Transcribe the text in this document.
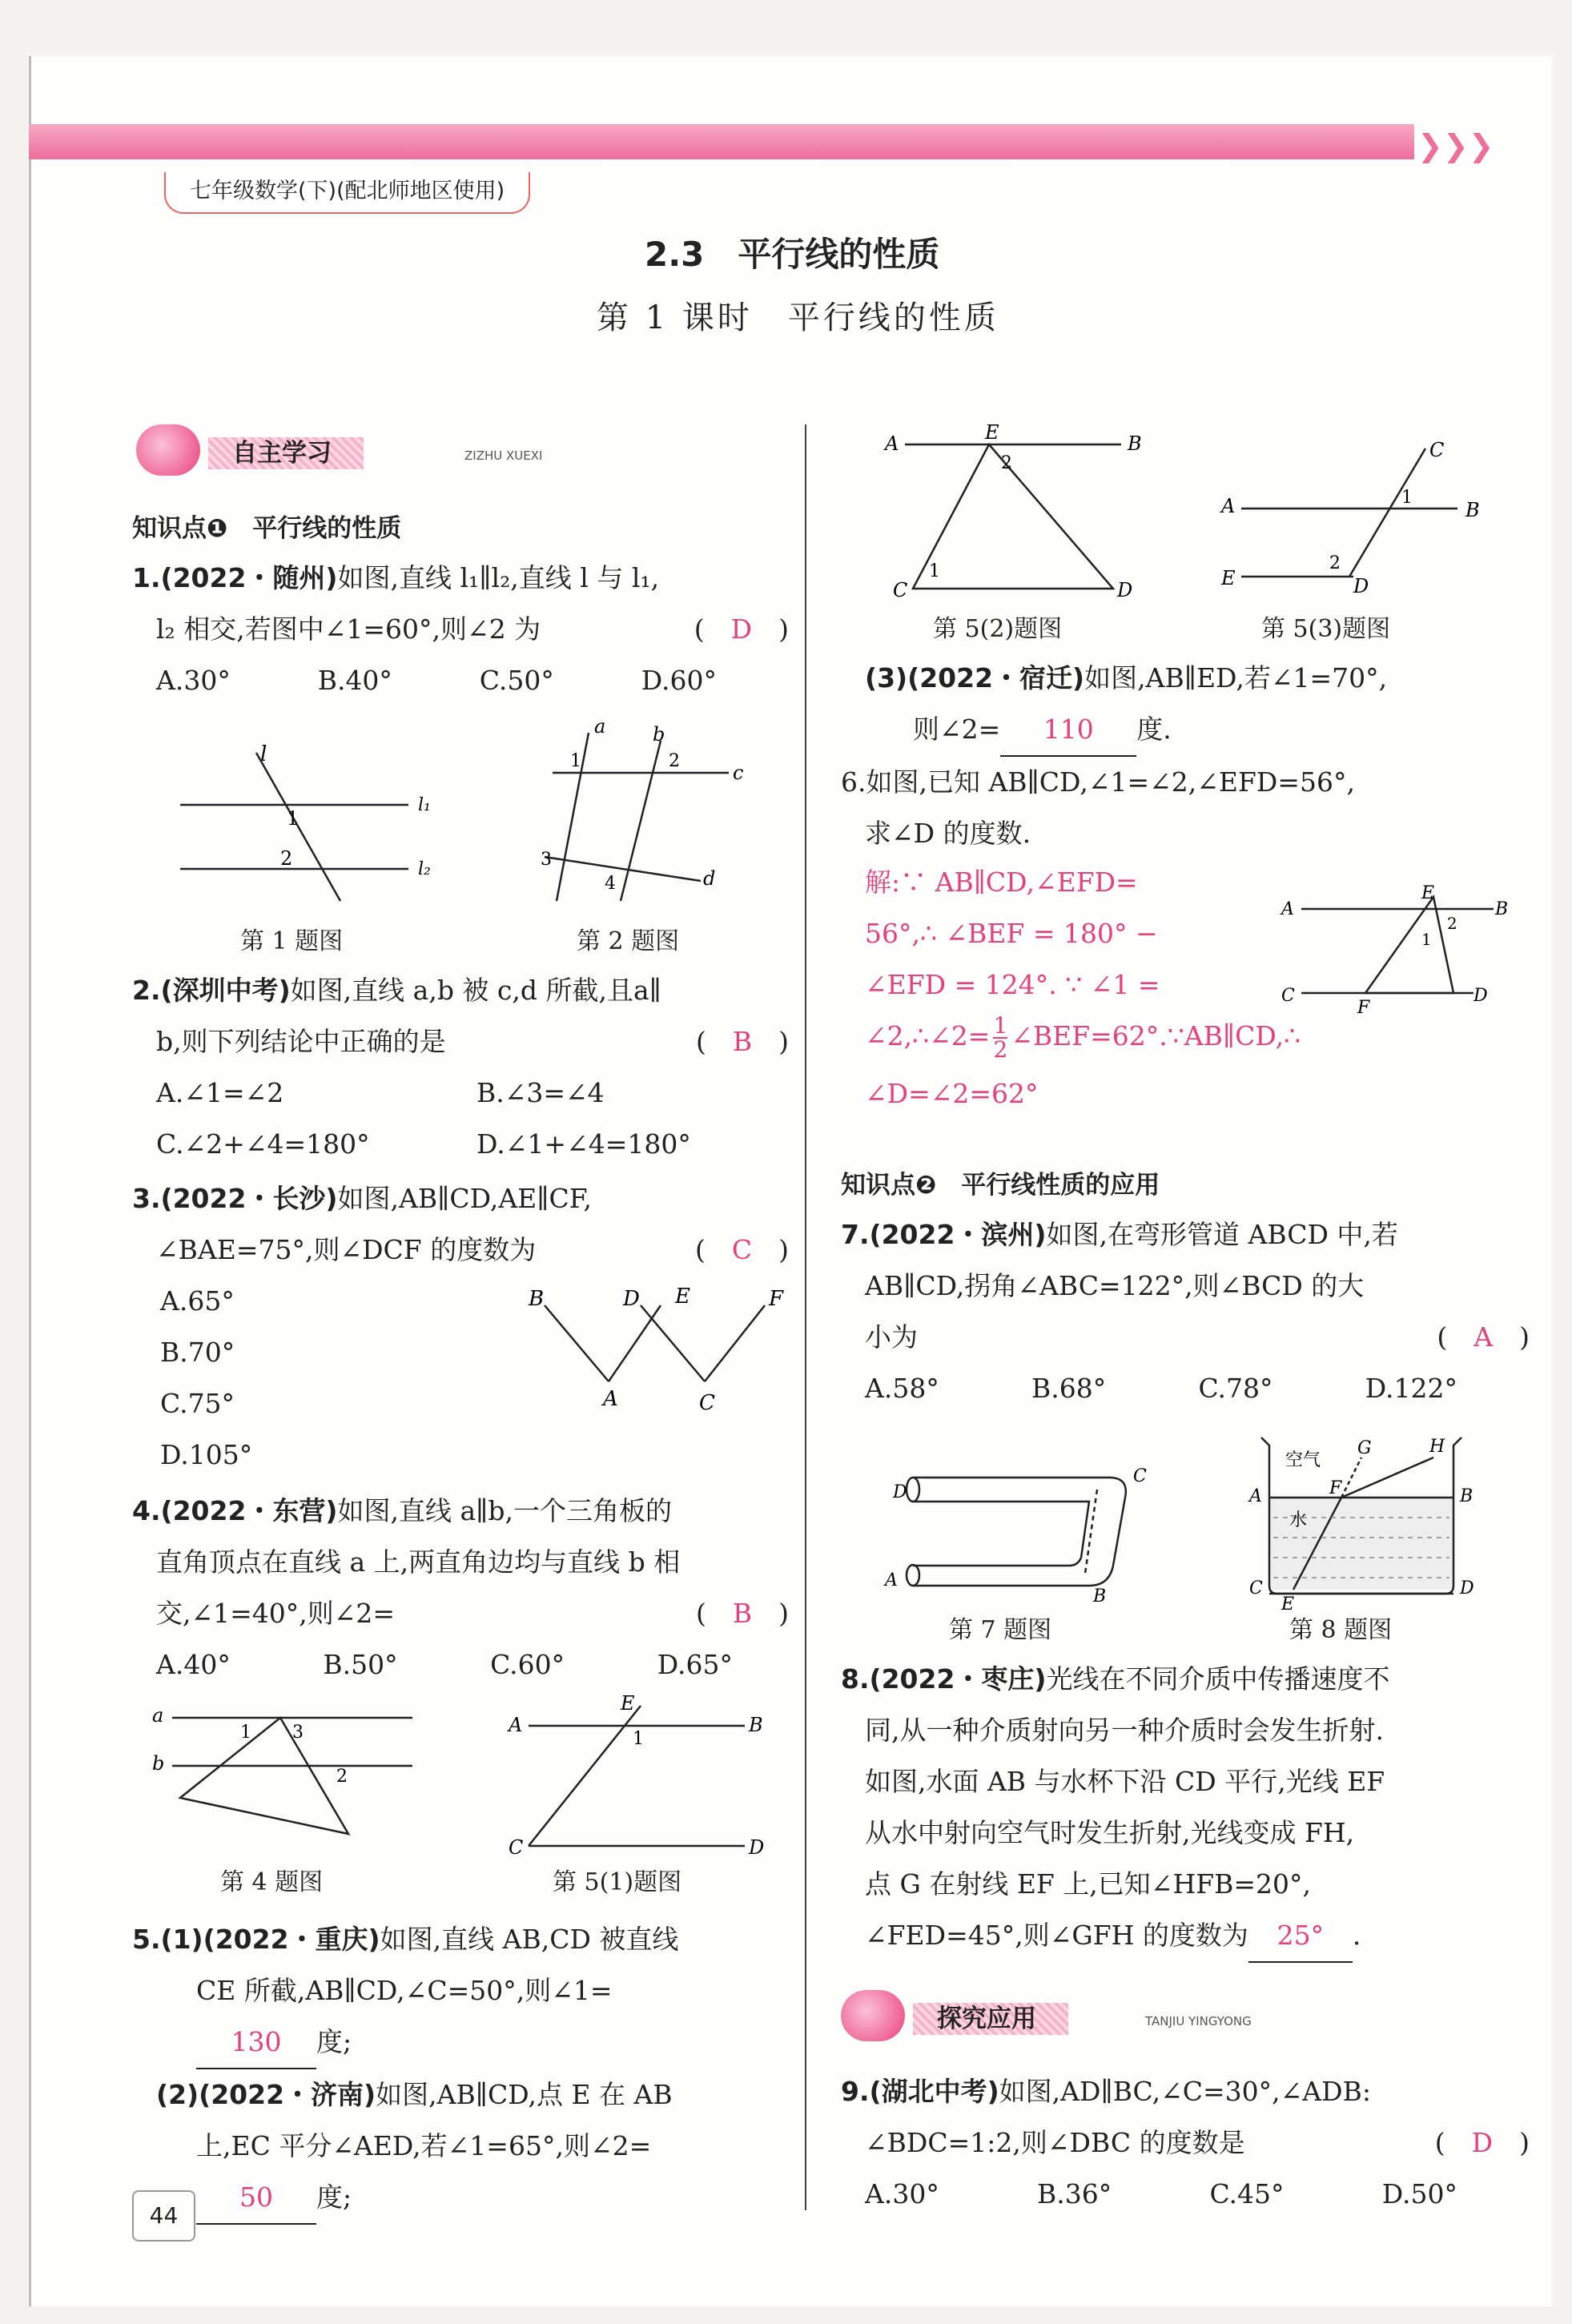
❯❯❯
七年级数学(下)(配北师地区使用)
2.3　平行线的性质
第 1 课时　平行线的性质
自主学习	ZIZHU XUEXI
知识点❶　平行线的性质
1.(2022・随州)如图,直线 l₁∥l₂,直线 l 与 l₁,
l₂ 相交,若图中∠1=60°,则∠2 为	(　D　)
A.30°	B.40°	C.50°	D.60°
l
l₁
l₂
1
2
第 1 题图
a b
c
d
1	2
3
4
第 2 题图
2.(深圳中考)如图,直线 a,b 被 c,d 所截,且a∥
b,则下列结论中正确的是	(　B　)
A.∠1=∠2	B.∠3=∠4
C.∠2+∠4=180°	D.∠1+∠4=180°
3.(2022・长沙)如图,AB∥CD,AE∥CF,
∠BAE=75°,则∠DCF 的度数为	(　C　)
A.65°
B.70°
C.75°
D.105°
B	D E	F
A	C
4.(2022・东营)如图,直线 a∥b,一个三角板的
直角顶点在直线 a 上,两直角边均与直线 b 相
交,∠1=40°,则∠2=	(　B　)
A.40°	B.50°	C.60°	D.65°
a
b
1 3
2
第 4 题图
A	B
C	D
E
1
第 5(1)题图
5.(1)(2022・重庆)如图,直线 AB,CD 被直线
CE 所截,AB∥CD,∠C=50°,则∠1=
130 度;
(2)(2022・济南)如图,AB∥CD,点 E 在 AB
上,EC 平分∠AED,若∠1=65°,则∠2=
50 度;
A	B
E
C	D
1
2
第 5(2)题图
A	B
C
E	D
1
2
第 5(3)题图
(3)(2022・宿迁)如图,AB∥ED,若∠1=70°,
则∠2= 110 度.
6.如图,已知 AB∥CD,∠1=∠2,∠EFD=56°,
求∠D 的度数.
解:∵ AB∥CD,∠EFD=
56°,∴ ∠BEF = 180° −
∠EFD = 124°. ∵ ∠1 =
∠2,∴∠2= $\frac{1}{2}$ ∠BEF=62°.∵AB∥CD,∴
∠D=∠2=62°
A	B
E
C	D
F
1
2
知识点❷　平行线性质的应用
7.(2022・滨州)如图,在弯形管道 ABCD 中,若
AB∥CD,拐角∠ABC=122°,则∠BCD 的大
小为	(　A　)
A.58°	B.68°	C.78°	D.122°
D
C
A
B
第 7 题图
空气
水
G	H
F
A	B
C	D
E
第 8 题图
8.(2022・枣庄)光线在不同介质中传播速度不
同,从一种介质射向另一种介质时会发生折射.
如图,水面 AB 与水杯下沿 CD 平行,光线 EF
从水中射向空气时发生折射,光线变成 FH,
点 G 在射线 EF 上,已知∠HFB=20°,
∠FED=45°,则∠GFH 的度数为 25° .
探究应用	TANJIU YINGYONG
9.(湖北中考)如图,AD∥BC,∠C=30°,∠ADB:
∠BDC=1:2,则∠DBC 的度数是	(　D　)
A.30°	B.36°	C.45°	D.50°
44
